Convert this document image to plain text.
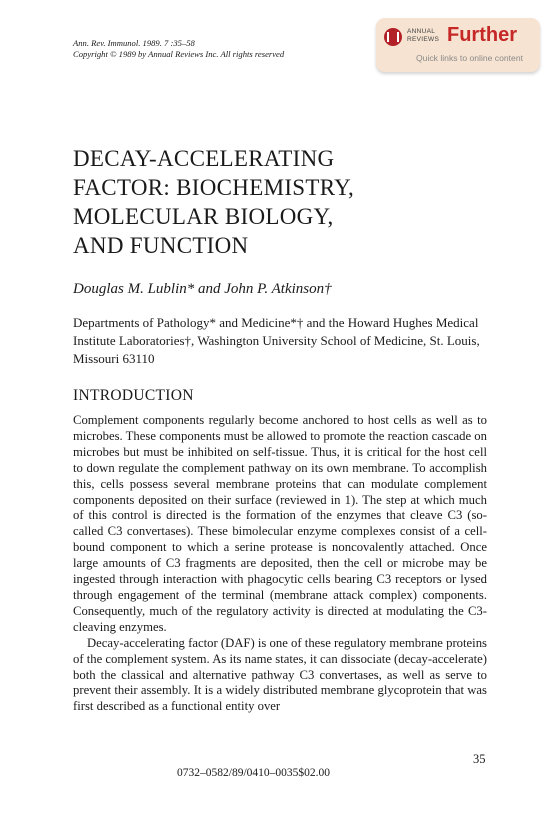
Ann. Rev. Immunol. 1989. 7 :35–58
Copyright © 1989 by Annual Reviews Inc. All rights reserved
ANNUAL
REVIEWS Further
Quick links to online content
DECAY-ACCELERATING
FACTOR: BIOCHEMISTRY,
MOLECULAR BIOLOGY,
AND FUNCTION
Douglas M. Lublin* and John P. Atkinson†
Departments of Pathology* and Medicine*† and the Howard Hughes Medical Institute Laboratories†, Washington University School of Medicine, St. Louis, Missouri 63110
INTRODUCTION

Complement components regularly become anchored to host cells as well as to microbes. These components must be allowed to promote the reaction cascade on microbes but must be inhibited on self-tissue. Thus, it is critical for the host cell to down regulate the complement pathway on its own membrane. To accomplish this, cells possess several membrane proteins that can modulate complement components deposited on their surface (reviewed in 1). The step at which much of this control is directed is the formation of the enzymes that cleave C3 (so-called C3 convertases). These bimolecular enzyme complexes consist of a cell-bound component to which a serine protease is noncovalently attached. Once large amounts of C3 fragments are deposited, then the cell or microbe may be ingested through interaction with phagocytic cells bearing C3 receptors or lysed through engagement of the terminal (membrane attack complex) components. Consequently, much of the regulatory activity is directed at modulating the C3-cleaving enzymes.

Decay-accelerating factor (DAF) is one of these regulatory membrane proteins of the complement system. As its name states, it can dissociate (decay-accelerate) both the classical and alternative pathway C3 convertases, as well as serve to prevent their assembly. It is a widely distributed membrane glycoprotein that was first described as a functional entity over

35
0732–0582/89/0410–0035$02.00
